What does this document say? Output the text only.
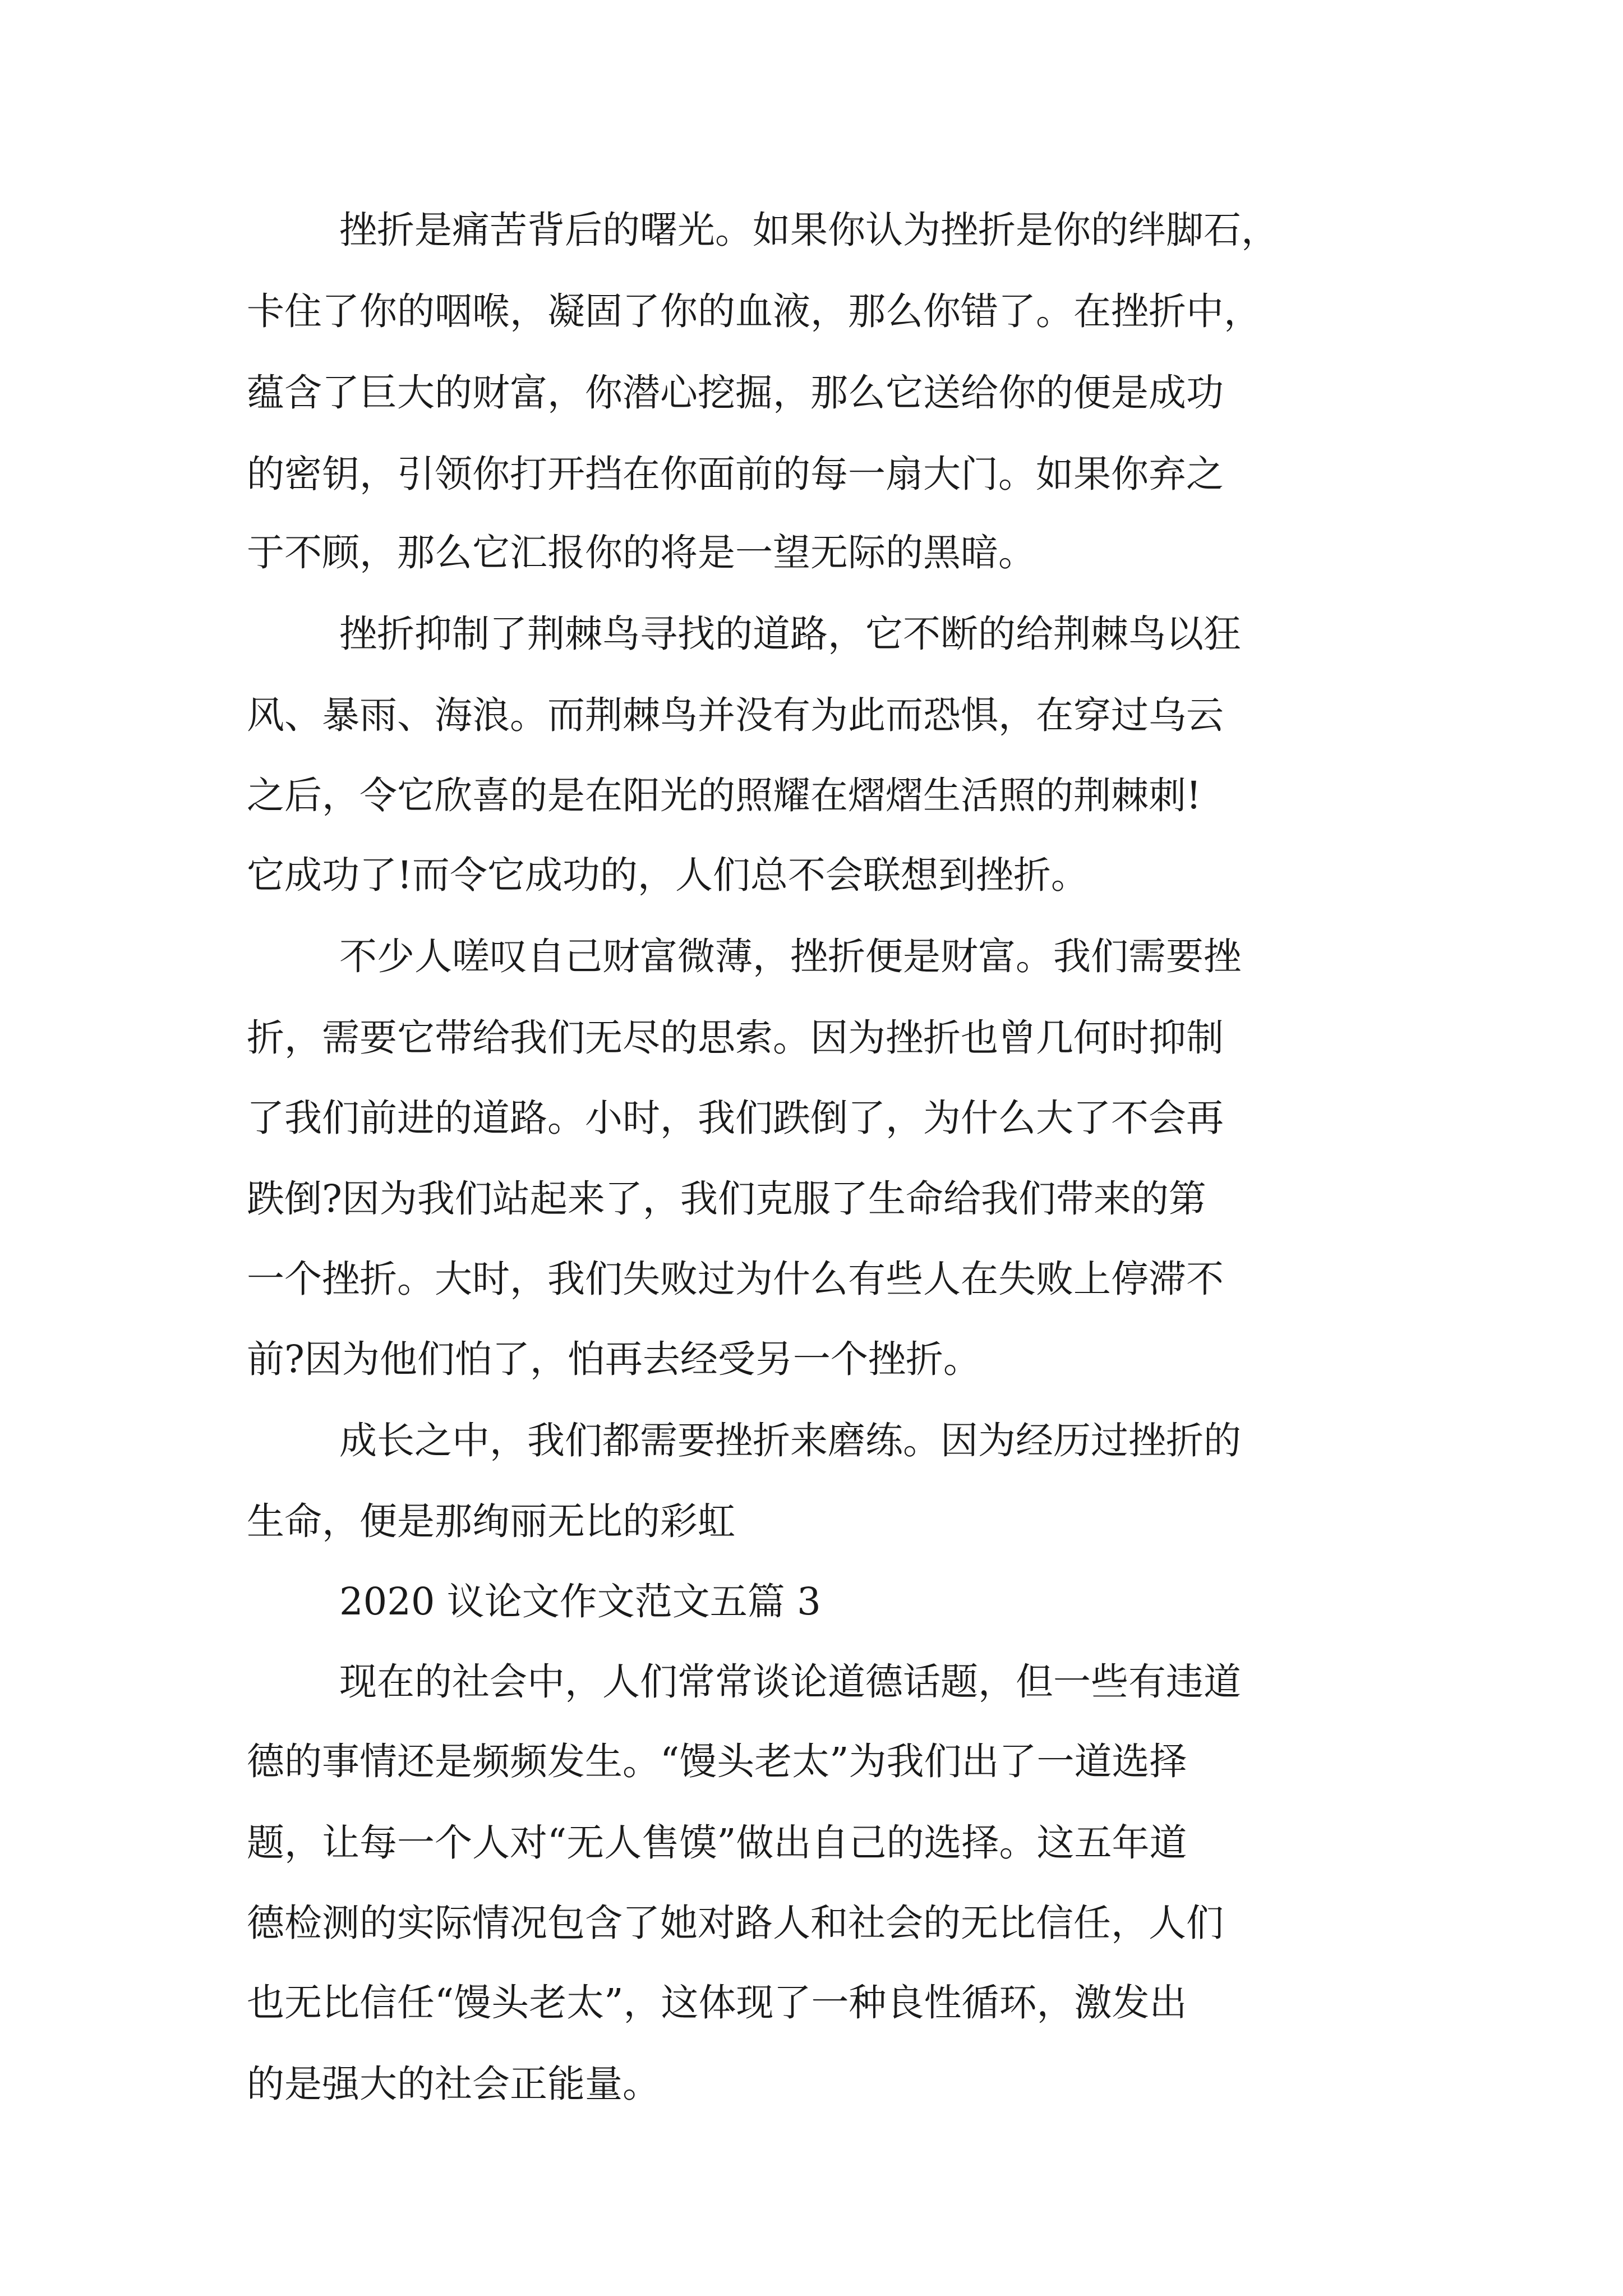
挫折是痛苦背后的曙光。如果你认为挫折是你的绊脚石，
卡住了你的咽喉，凝固了你的血液，那么你错了。在挫折中，
蕴含了巨大的财富，你潜心挖掘，那么它送给你的便是成功
的密钥，引领你打开挡在你面前的每一扇大门。如果你弃之
于不顾，那么它汇报你的将是一望无际的黑暗。
挫折抑制了荆棘鸟寻找的道路，它不断的给荆棘鸟以狂
风、暴雨、海浪。而荆棘鸟并没有为此而恐惧，在穿过乌云
之后，令它欣喜的是在阳光的照耀在熠熠生活照的荆棘刺!
它成功了!而令它成功的，人们总不会联想到挫折。
不少人嗟叹自己财富微薄，挫折便是财富。我们需要挫
折，需要它带给我们无尽的思索。因为挫折也曾几何时抑制
了我们前进的道路。小时，我们跌倒了，为什么大了不会再
跌倒?因为我们站起来了，我们克服了生命给我们带来的第
一个挫折。大时，我们失败过为什么有些人在失败上停滞不
前?因为他们怕了，怕再去经受另一个挫折。
成长之中，我们都需要挫折来磨练。因为经历过挫折的
生命，便是那绚丽无比的彩虹
2020 议论文作文范文五篇 3
现在的社会中，人们常常谈论道德话题，但一些有违道
德的事情还是频频发生。“馒头老太”为我们出了一道选择
题，让每一个人对“无人售馍”做出自己的选择。这五年道
德检测的实际情况包含了她对路人和社会的无比信任，人们
也无比信任“馒头老太”，这体现了一种良性循环，激发出
的是强大的社会正能量。
